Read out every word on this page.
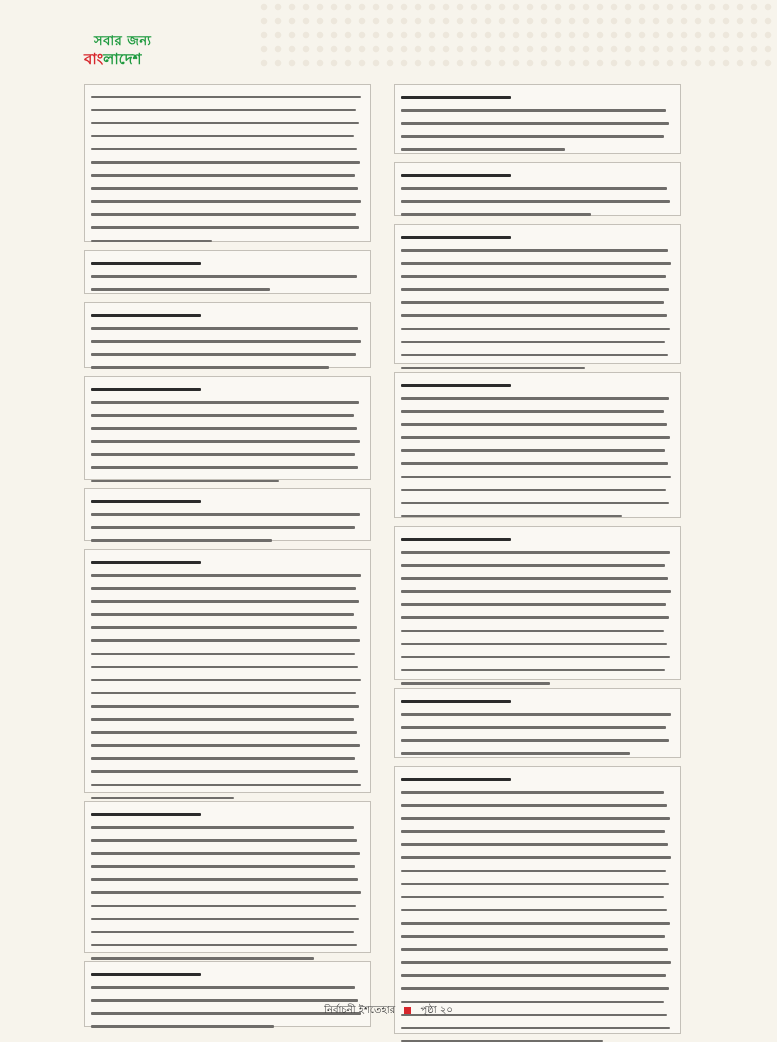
সবার জন্য
বাংলাদেশ
নির্বাচনী ইশতেহার	পৃষ্ঠা ২০
